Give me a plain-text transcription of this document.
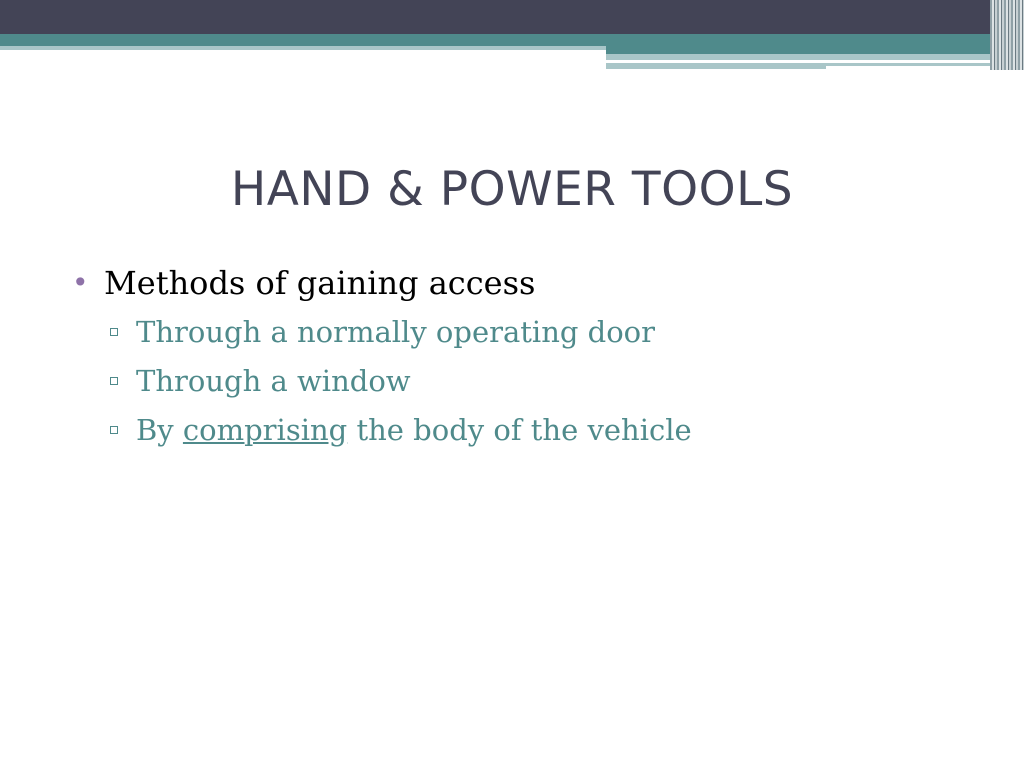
HAND & POWER TOOLS
• Methods of gaining access
Through a normally operating door
Through a window
By comprising the body of the vehicle
